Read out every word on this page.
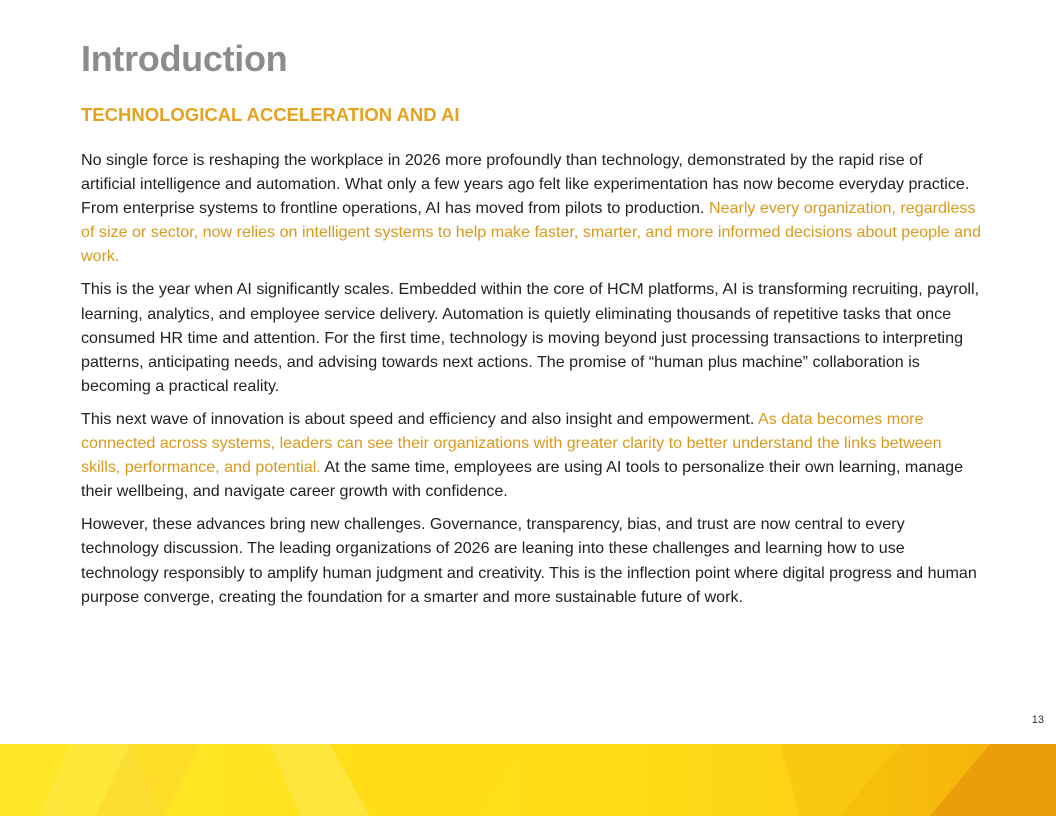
Introduction
TECHNOLOGICAL ACCELERATION AND AI

No single force is reshaping the workplace in 2026 more profoundly than technology, demonstrated by the rapid rise of artificial intelligence and automation. What only a few years ago felt like experimentation has now become everyday practice. From enterprise systems to frontline operations, AI has moved from pilots to production. Nearly every organization, regardless of size or sector, now relies on intelligent systems to help make faster, smarter, and more informed decisions about people and work.

This is the year when AI significantly scales. Embedded within the core of HCM platforms, AI is transforming recruiting, payroll, learning, analytics, and employee service delivery. Automation is quietly eliminating thousands of repetitive tasks that once consumed HR time and attention. For the first time, technology is moving beyond just processing transactions to interpreting patterns, anticipating needs, and advising towards next actions. The promise of “human plus machine” collaboration is becoming a practical reality.

This next wave of innovation is about speed and efficiency and also insight and empowerment. As data becomes more connected across systems, leaders can see their organizations with greater clarity to better understand the links between skills, performance, and potential. At the same time, employees are using AI tools to personalize their own learning, manage their wellbeing, and navigate career growth with confidence.

However, these advances bring new challenges. Governance, transparency, bias, and trust are now central to every technology discussion. The leading organizations of 2026 are leaning into these challenges and learning how to use technology responsibly to amplify human judgment and creativity. This is the inflection point where digital progress and human purpose converge, creating the foundation for a smarter and more sustainable future of work.

13
